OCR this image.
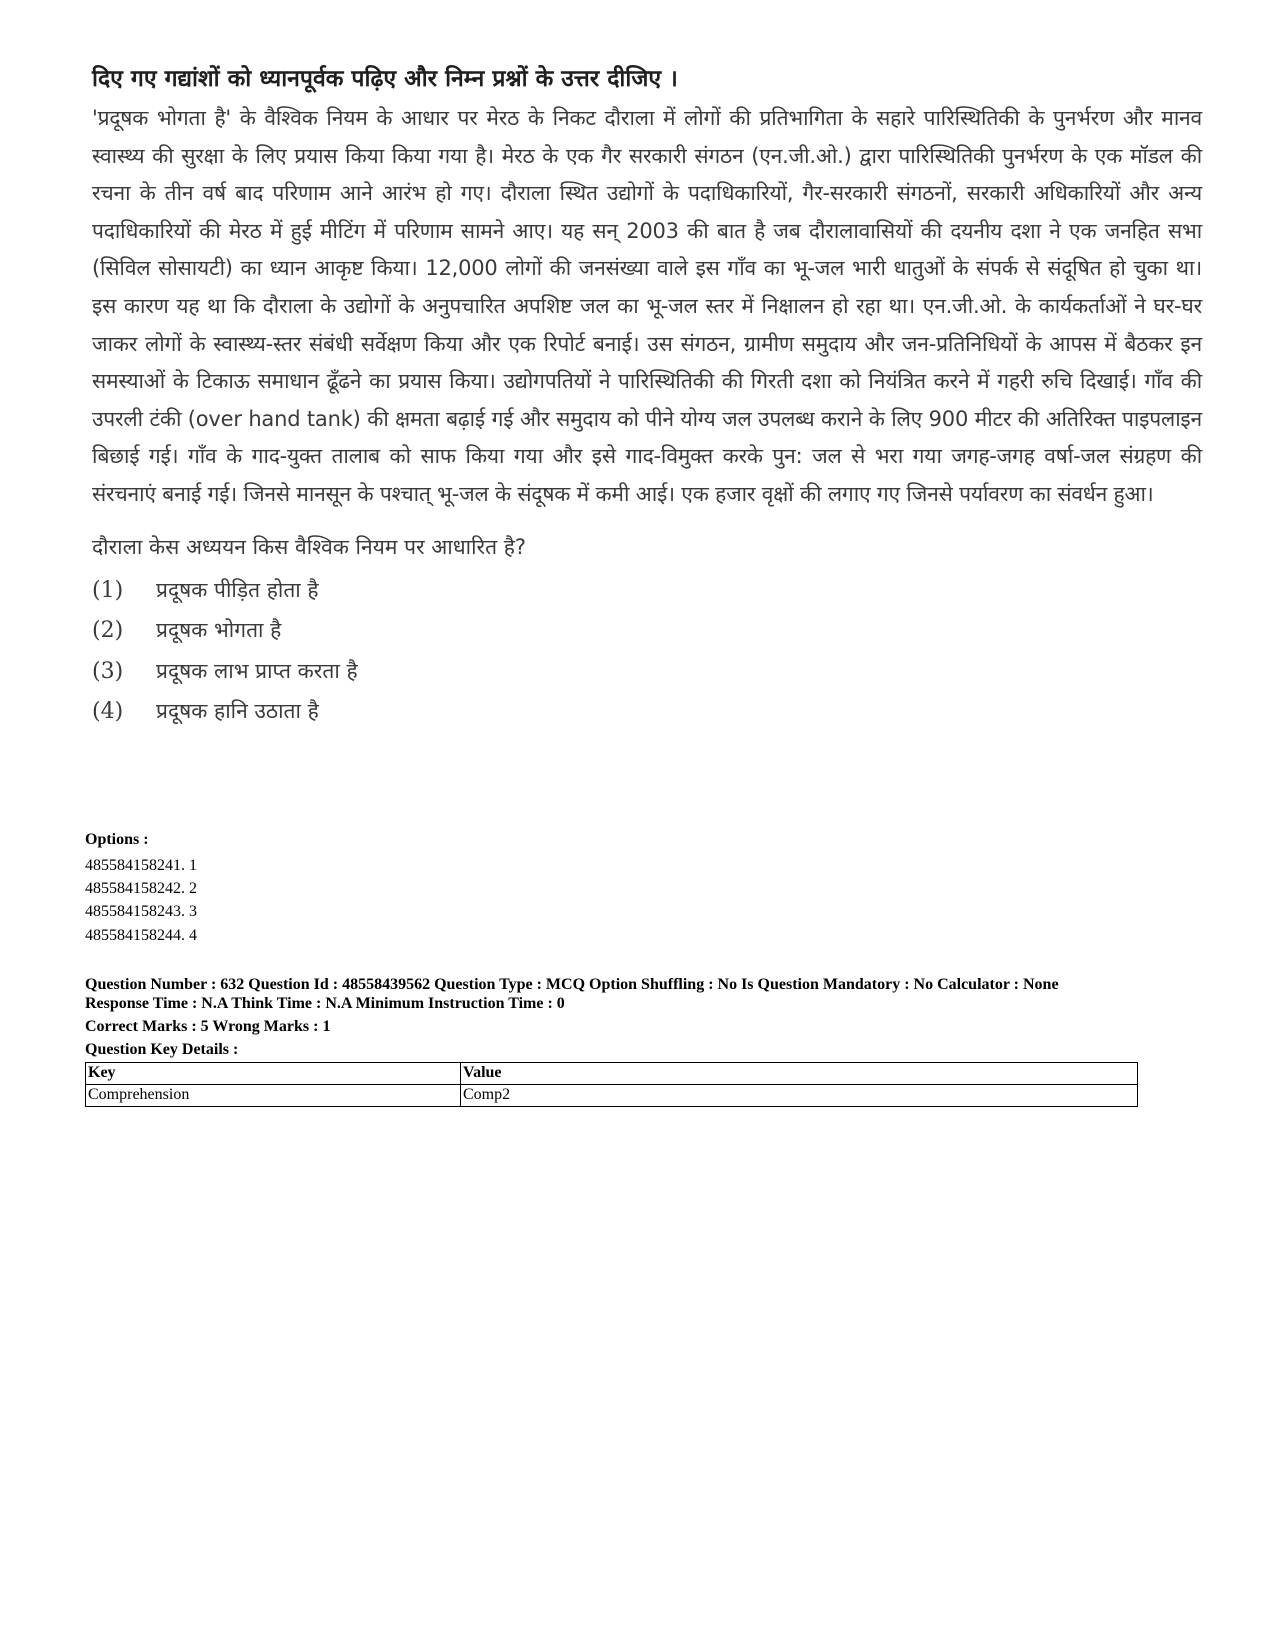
दिए गए गद्यांशों को ध्यानपूर्वक पढ़िए और निम्न प्रश्नों के उत्तर दीजिए ।

'प्रदूषक भोगता है' के वैश्विक नियम के आधार पर मेरठ के निकट दौराला में लोगों की प्रतिभागिता के सहारे पारिस्थितिकी के पुनर्भरण और मानव स्वास्थ्य की सुरक्षा के लिए प्रयास किया किया गया है। मेरठ के एक गैर सरकारी संगठन (एन.जी.ओ.) द्वारा पारिस्थितिकी पुनर्भरण के एक मॉडल की रचना के तीन वर्ष बाद परिणाम आने आरंभ हो गए। दौराला स्थित उद्योगों के पदाधिकारियों, गैर-सरकारी संगठनों, सरकारी अधिकारियों और अन्य पदाधिकारियों की मेरठ में हुई मीटिंग में परिणाम सामने आए। यह सन् 2003 की बात है जब दौरालावासियों की दयनीय दशा ने एक जनहित सभा (सिविल सोसायटी) का ध्यान आकृष्ट किया। 12,000 लोगों की जनसंख्या वाले इस गाँव का भू-जल भारी धातुओं के संपर्क से संदूषित हो चुका था। इस कारण यह था कि दौराला के उद्योगों के अनुपचारित अपशिष्ट जल का भू-जल स्तर में निक्षालन हो रहा था। एन.जी.ओ. के कार्यकर्ताओं ने घर-घर जाकर लोगों के स्वास्थ्य-स्तर संबंधी सर्वेक्षण किया और एक रिपोर्ट बनाई। उस संगठन, ग्रामीण समुदाय और जन-प्रतिनिधियों के आपस में बैठकर इन समस्याओं के टिकाऊ समाधान ढूँढने का प्रयास किया। उद्योगपतियों ने पारिस्थितिकी की गिरती दशा को नियंत्रित करने में गहरी रुचि दिखाई। गाँव की उपरली टंकी (over hand tank) की क्षमता बढ़ाई गई और समुदाय को पीने योग्य जल उपलब्ध कराने के लिए 900 मीटर की अतिरिक्त पाइपलाइन बिछाई गई। गाँव के गाद-युक्त तालाब को साफ किया गया और इसे गाद-विमुक्त करके पुन: जल से भरा गया जगह-जगह वर्षा-जल संग्रहण की संरचनाएं बनाई गई। जिनसे मानसून के पश्चात् भू-जल के संदूषक में कमी आई। एक हजार वृक्षों की लगाए गए जिनसे पर्यावरण का संवर्धन हुआ।

दौराला केस अध्ययन किस वैश्विक नियम पर आधारित है?
(1) प्रदूषक पीड़ित होता है
(2) प्रदूषक भोगता है
(3) प्रदूषक लाभ प्राप्त करता है
(4) प्रदूषक हानि उठाता है
Options :
485584158241. 1
485584158242. 2
485584158243. 3
485584158244. 4
Question Number : 632 Question Id : 48558439562 Question Type : MCQ Option Shuffling : No Is Question Mandatory : No Calculator : None
Response Time : N.A Think Time : N.A Minimum Instruction Time : 0
Correct Marks : 5 Wrong Marks : 1
Question Key Details :
Key	Value
Comprehension	Comp2
